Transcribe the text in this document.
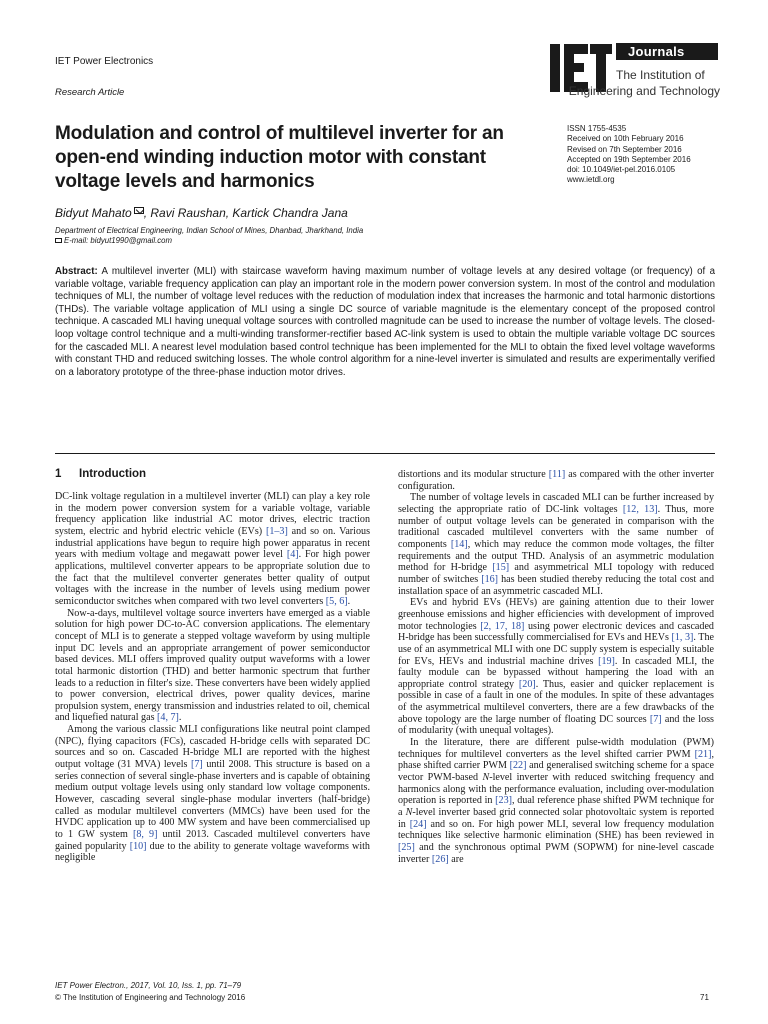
IET Power Electronics
Research Article
Journals
The Institution of
Engineering and Technology
Modulation and control of multilevel inverter for an open-end winding induction motor with constant voltage levels and harmonics
ISSN 1755-4535
Received on 10th February 2016
Revised on 7th September 2016
Accepted on 19th September 2016
doi: 10.1049/iet-pel.2016.0105
www.ietdl.org
Bidyut Mahato , Ravi Raushan, Kartick Chandra Jana
Department of Electrical Engineering, Indian School of Mines, Dhanbad, Jharkhand, India
E-mail: bidyut1990@gmail.com
Abstract: A multilevel inverter (MLI) with staircase waveform having maximum number of voltage levels at any desired voltage (or frequency) of a variable voltage, variable frequency application can play an important role in the modern power conversion system. In most of the control and modulation techniques of MLI, the number of voltage level reduces with the reduction of modulation index that increases the harmonic and total harmonic distortions (THDs). The variable voltage application of MLI using a single DC source of variable magnitude is the elementary concept of the proposed control technique. A cascaded MLI having unequal voltage sources with controlled magnitude can be used to increase the number of voltage levels. The closed-loop voltage control technique and a multi-winding transformer-rectifier based AC-link system is used to obtain the multiple variable voltage DC sources for the cascaded MLI. A nearest level modulation based control technique has been implemented for the MLI to obtain the fixed level voltage waveforms with constant THD and reduced switching losses. The whole control algorithm for a nine-level inverter is simulated and results are experimentally verified on a laboratory prototype of the three-phase induction motor drives.
1 Introduction

DC-link voltage regulation in a multilevel inverter (MLI) can play a key role in the modern power conversion system for a variable voltage, variable frequency application like industrial AC motor drives, electric traction system, electric and hybrid electric vehicle (EVs) [1–3] and so on. Various industrial applications have begun to require high power apparatus in recent years with medium voltage and megawatt power level [4]. For high power applications, multilevel converter appears to be appropriate solution due to the fact that the multilevel converter generates better quality of output voltages with the increase in the number of levels using medium power semiconductor switches when compared with two level converters [5, 6].

Now-a-days, multilevel voltage source inverters have emerged as a viable solution for high power DC-to-AC conversion applications. The elementary concept of MLI is to generate a stepped voltage waveform by using multiple input DC levels and an appropriate arrangement of power semiconductor based devices. MLI offers improved quality output waveforms with a lower total harmonic distortion (THD) and better harmonic spectrum that further leads to a reduction in filter's size. These converters have been widely applied to power conversion, electrical drives, power quality devices, marine propulsion system, energy transmission and industries related to oil, chemical and liquefied natural gas [4, 7].

Among the various classic MLI configurations like neutral point clamped (NPC), flying capacitors (FCs), cascaded H-bridge cells with separated DC sources and so on. Cascaded H-bridge MLI are reported with the highest output voltage (31 MVA) levels [7] until 2008. This structure is based on a series connection of several single-phase inverters and is capable of obtaining medium output voltage levels using only standard low voltage components. However, cascading several single-phase modular inverters (half-bridge) called as modular multilevel converters (MMCs) have been used for the HVDC application up to 400 MW system and have been commercialised up to 1 GW system [8, 9] until 2013. Cascaded multilevel converters have gained popularity [10] due to the ability to generate voltage waveforms with negligible

distortions and its modular structure [11] as compared with the other inverter configuration.

The number of voltage levels in cascaded MLI can be further increased by selecting the appropriate ratio of DC-link voltages [12, 13]. Thus, more number of output voltage levels can be generated in comparison with the traditional cascaded multilevel converters with the same number of components [14], which may reduce the common mode voltages, the filter requirements and the output THD. Analysis of an asymmetric modulation method for H-bridge [15] and asymmetrical MLI topology with reduced number of switches [16] has been studied thereby reducing the total cost and installation space of an asymmetric cascaded MLI.

EVs and hybrid EVs (HEVs) are gaining attention due to their lower greenhouse emissions and higher efficiencies with development of improved motor technologies [2, 17, 18] using power electronic devices and cascaded H-bridge has been successfully commercialised for EVs and HEVs [1, 3]. The use of an asymmetrical MLI with one DC supply system is especially suitable for EVs, HEVs and industrial machine drives [19]. In cascaded MLI, the faulty module can be bypassed without hampering the load with an appropriate control strategy [20]. Thus, easier and quicker replacement is possible in case of a fault in one of the modules. In spite of these advantages of the asymmetrical multilevel converters, there are a few drawbacks of the above topology are the large number of floating DC sources [7] and the loss of modularity (with unequal voltages).

In the literature, there are different pulse-width modulation (PWM) techniques for multilevel converters as the level shifted carrier PWM [21], phase shifted carrier PWM [22] and generalised switching scheme for a space vector PWM-based N-level inverter with reduced switching frequency and harmonics along with the performance evaluation, including over-modulation operation is reported in [23], dual reference phase shifted PWM technique for a N-level inverter based grid connected solar photovoltaic system is reported in [24] and so on. For high power MLI, several low frequency modulation techniques like selective harmonic elimination (SHE) has been reviewed in [25] and the synchronous optimal PWM (SOPWM) for nine-level cascade inverter [26] are

IET Power Electron., 2017, Vol. 10, Iss. 1, pp. 71–79
© The Institution of Engineering and Technology 2016	71
